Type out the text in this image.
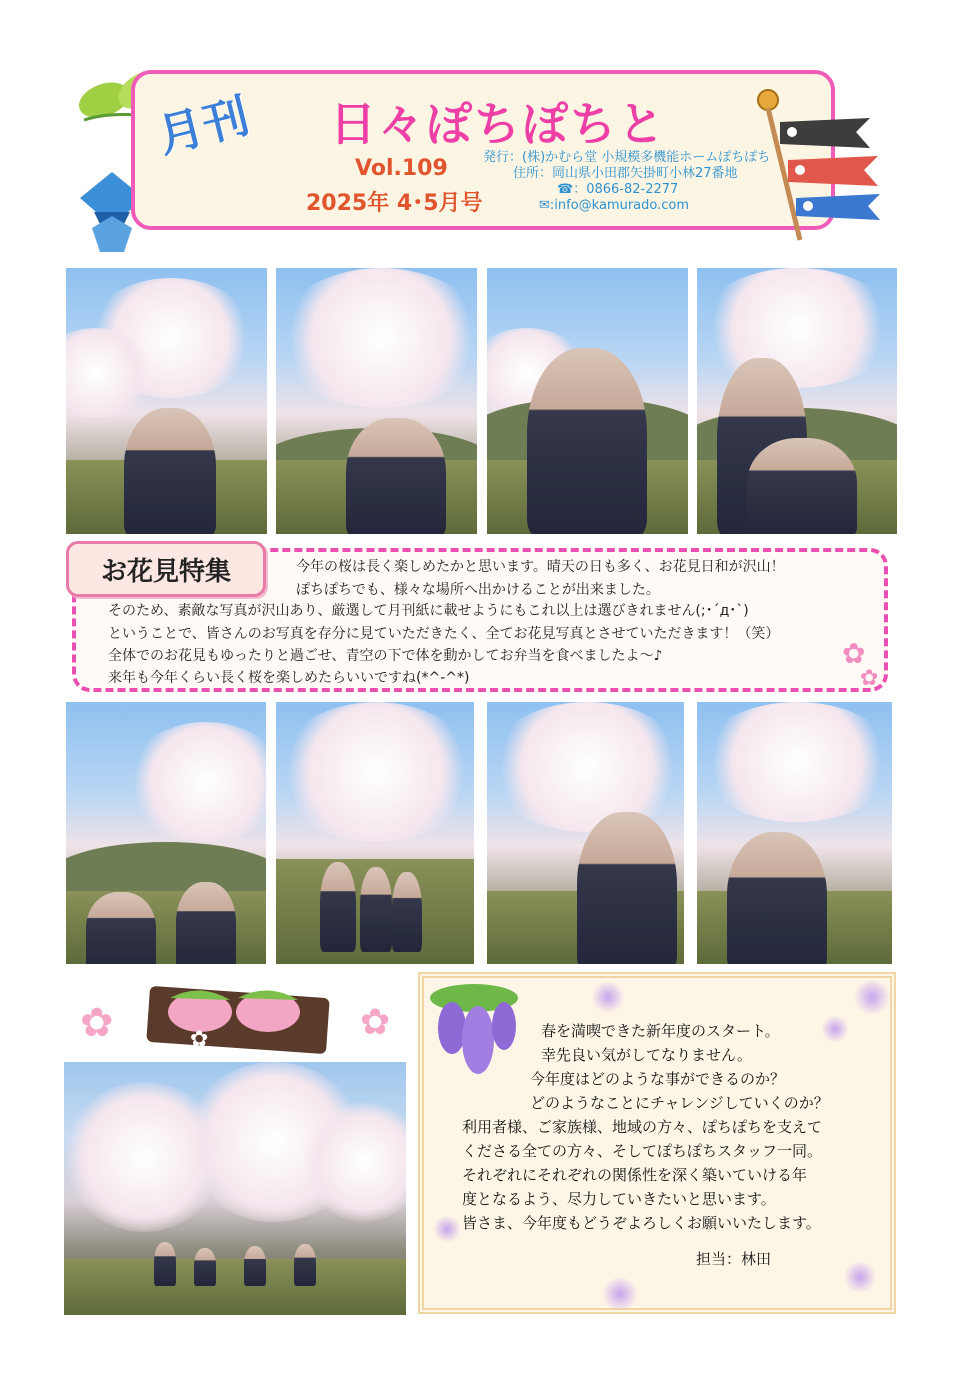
月刊 日々ぽちぽちと
Vol.109
2025年 4･5月号
発行：(株)かむら堂 小規模多機能ホームぽちぽち
住所：岡山県小田郡矢掛町小林27番地
☎：0866-82-2277
✉:info@kamurado.com
お花見特集	今年の桜は長く楽しめたかと思います。晴天の日も多く、お花見日和が沢山！
ぽちぽちでも、様々な場所へ出かけることが出来ました。
そのため、素敵な写真が沢山あり、厳選して月刊紙に載せようにもこれ以上は選びきれません(;･´д･`)
ということで、皆さんのお写真を存分に見ていただきたく、全てお花見写真とさせていただきます！（笑）
全体でのお花見もゆったりと過ごせ、青空の下で体を動かしてお弁当を食べましたよ～♪
来年も今年くらい長く桜を楽しめたらいいですね(*^-^*)
✿
✿
✿	✿
✿	春を満喫できた新年度のスタート。
幸先良い気がしてなりません。
今年度はどのような事ができるのか？
どのようなことにチャレンジしていくのか？
利用者様、ご家族様、地域の方々、ぽちぽちを支えて
くださる全ての方々、そしてぽちぽちスタッフ一同。
それぞれにそれぞれの関係性を深く築いていける年
度となるよう、尽力していきたいと思います。
皆さま、今年度もどうぞよろしくお願いいたします。
担当：林田
